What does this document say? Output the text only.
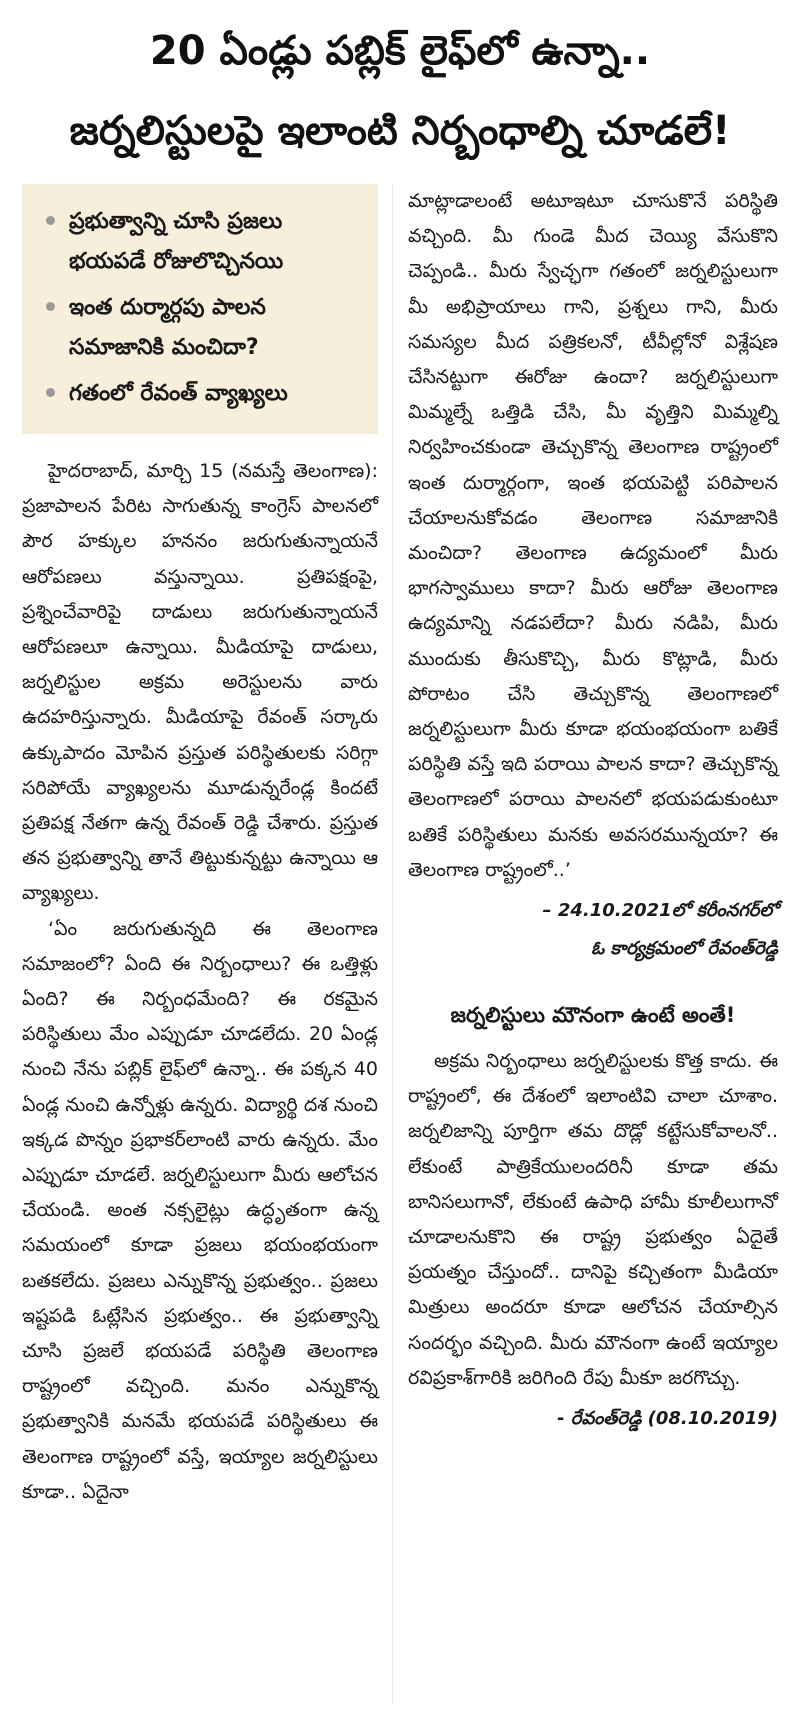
20 ఏండ్లు పబ్లిక్ లైఫ్‌లో ఉన్నా..
జర్నలిస్టులపై ఇలాంటి నిర్బంధాల్ని చూడలే!
ప్రభుత్వాన్ని చూసి ప్రజలు భయపడే రోజులొచ్చినయి
ఇంత దుర్మార్గపు పాలన సమాజానికి మంచిదా?
గతంలో రేవంత్ వ్యాఖ్యలు

హైదరాబాద్, మార్చి 15 (నమస్తే తెలంగాణ): ప్రజాపాలన పేరిట సాగుతున్న కాంగ్రెస్ పాలనలో పౌర హక్కుల హననం జరుగుతున్నాయనే ఆరోపణలు వస్తున్నాయి. ప్రతిపక్షంపై, ప్రశ్నించేవారిపై దాడులు జరుగుతున్నాయనే ఆరోపణలూ ఉన్నాయి. మీడియాపై దాడులు, జర్నలిస్టుల అక్రమ అరెస్టులను వారు ఉదహరిస్తున్నారు. మీడియాపై రేవంత్ సర్కారు ఉక్కుపాదం మోపిన ప్రస్తుత పరిస్థితులకు సరిగ్గా సరిపోయే వ్యాఖ్యలను మూడున్నరేండ్ల కిందటే ప్రతిపక్ష నేతగా ఉన్న రేవంత్ రెడ్డి చేశారు. ప్రస్తుత తన ప్రభుత్వాన్ని తానే తిట్టుకున్నట్టు ఉన్నాయి ఆ వ్యాఖ్యలు.

‘ఏం జరుగుతున్నది ఈ తెలంగాణ సమాజంలో? ఏంది ఈ నిర్బంధాలు? ఈ ఒత్తిళ్లు ఏంది? ఈ నిర్బంధమేంది? ఈ రకమైన పరిస్థితులు మేం ఎప్పుడూ చూడలేదు. 20 ఏండ్ల నుంచి నేను పబ్లిక్ లైఫ్‌లో ఉన్నా.. ఈ పక్కన 40 ఏండ్ల నుంచి ఉన్నోళ్లు ఉన్నరు. విద్యార్థి దశ నుంచి ఇక్కడ పొన్నం ప్రభాకర్‌లాంటి వారు ఉన్నరు. మేం ఎప్పుడూ చూడలే. జర్నలిస్టులుగా మీరు ఆలోచన చేయండి. అంత నక్సలైట్లు ఉద్ధృతంగా ఉన్న సమయంలో కూడా ప్రజలు భయంభయంగా బతకలేదు. ప్రజలు ఎన్నుకొన్న ప్రభుత్వం.. ప్రజలు ఇష్టపడి ఓట్లేసిన ప్రభుత్వం.. ఈ ప్రభుత్వాన్ని చూసి ప్రజలే భయపడే పరిస్థితి తెలంగాణ రాష్ట్రంలో వచ్చింది. మనం ఎన్నుకొన్న ప్రభుత్వానికి మనమే భయపడే పరిస్థితులు ఈ తెలంగాణ రాష్ట్రంలో వస్తే, ఇయ్యాల జర్నలిస్టులు కూడా.. ఏదైనా

మాట్లాడాలంటే అటూఇటూ చూసుకొనే పరిస్థితి వచ్చింది. మీ గుండె మీద చెయ్యి వేసుకొని చెప్పండి.. మీరు స్వేచ్ఛగా గతంలో జర్నలిస్టులుగా మీ అభిప్రాయాలు గాని, ప్రశ్నలు గాని, మీరు సమస్యల మీద పత్రికలనో, టీవీల్లోనో విశ్లేషణ చేసినట్టుగా ఈరోజు ఉందా? జర్నలిస్టులుగా మిమ్మల్నే ఒత్తిడి చేసి, మీ వృత్తిని మిమ్మల్ని నిర్వహించకుండా తెచ్చుకొన్న తెలంగాణ రాష్ట్రంలో ఇంత దుర్మార్గంగా, ఇంత భయపెట్టి పరిపాలన చేయాలనుకోవడం తెలంగాణ సమాజానికి మంచిదా? తెలంగాణ ఉద్యమంలో మీరు భాగస్వాములు కాదా? మీరు ఆరోజు తెలంగాణ ఉద్యమాన్ని నడపలేదా? మీరు నడిపి, మీరు ముందుకు తీసుకొచ్చి, మీరు కొట్లాడి, మీరు పోరాటం చేసి తెచ్చుకొన్న తెలంగాణలో జర్నలిస్టులుగా మీరు కూడా భయంభయంగా బతికే పరిస్థితి వస్తే ఇది పరాయి పాలన కాదా? తెచ్చుకొన్న తెలంగాణలో పరాయి పాలనలో భయపడుకుంటూ బతికే పరిస్థితులు మనకు అవసరమున్నయా? ఈ తెలంగాణ రాష్ట్రంలో..’

– 24.10.2021లో కరీంనగర్‌లో
ఓ కార్యక్రమంలో రేవంత్‌రెడ్డి
జర్నలిస్టులు మౌనంగా ఉంటే అంతే!

అక్రమ నిర్బంధాలు జర్నలిస్టులకు కొత్త కాదు. ఈ రాష్ట్రంలో, ఈ దేశంలో ఇలాంటివి చాలా చూశాం. జర్నలిజాన్ని పూర్తిగా తమ దొడ్లో కట్టేసుకోవాలనో.. లేకుంటే పాత్రికేయులందరినీ కూడా తమ బానిసలుగానో, లేకుంటే ఉపాధి హామీ కూలీలుగానో చూడాలనుకొని ఈ రాష్ట్ర ప్రభుత్వం ఏదైతే ప్రయత్నం చేస్తుందో.. దానిపై కచ్చితంగా మీడియా మిత్రులు అందరూ కూడా ఆలోచన చేయాల్సిన సందర్భం వచ్చింది. మీరు మౌనంగా ఉంటే ఇయ్యాల రవిప్రకాశ్‌గారికి జరిగింది రేపు మీకూ జరగొచ్చు.

- రేవంత్‌రెడ్డి (08.10.2019)
